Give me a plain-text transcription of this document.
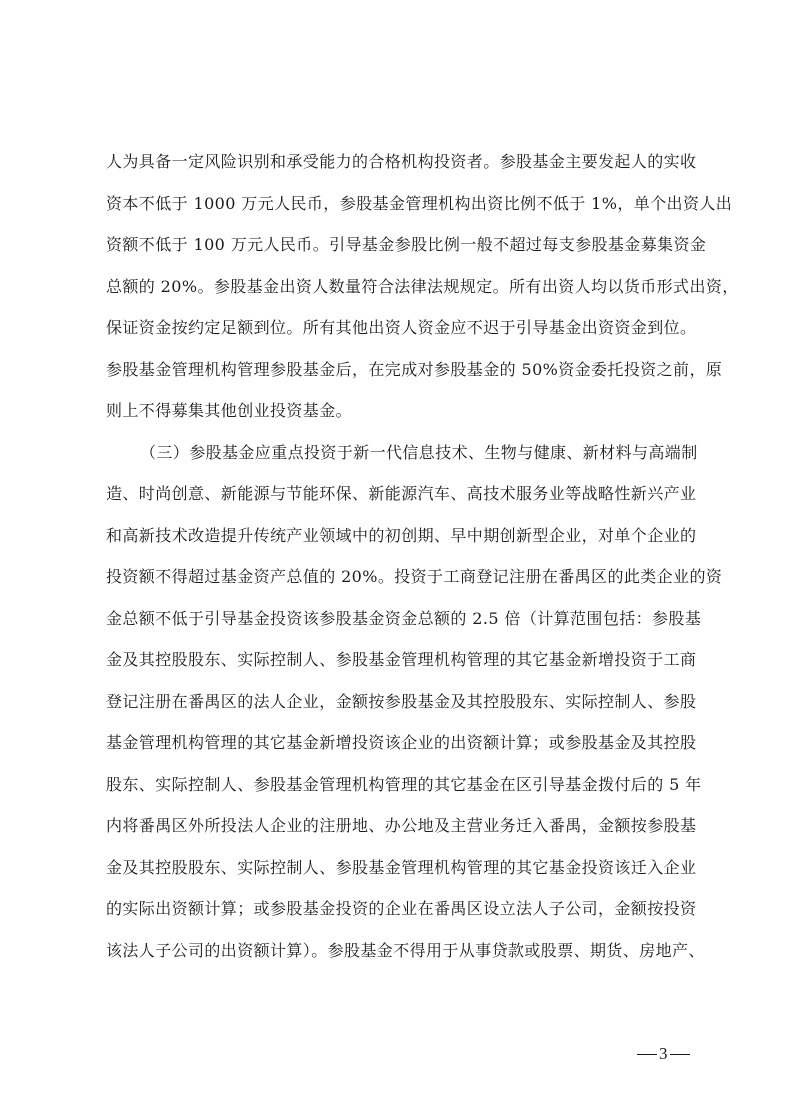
人为具备一定风险识别和承受能力的合格机构投资者。参股基金主要发起人的实收
资本不低于 1000 万元人民币，参股基金管理机构出资比例不低于 1%，单个出资人出
资额不低于 100 万元人民币。引导基金参股比例一般不超过每支参股基金募集资金
总额的 20%。参股基金出资人数量符合法律法规规定。所有出资人均以货币形式出资，
保证资金按约定足额到位。所有其他出资人资金应不迟于引导基金出资资金到位。
参股基金管理机构管理参股基金后，在完成对参股基金的 50%资金委托投资之前，原
则上不得募集其他创业投资基金。
（三）参股基金应重点投资于新一代信息技术、生物与健康、新材料与高端制
造、时尚创意、新能源与节能环保、新能源汽车、高技术服务业等战略性新兴产业
和高新技术改造提升传统产业领域中的初创期、早中期创新型企业，对单个企业的
投资额不得超过基金资产总值的 20%。投资于工商登记注册在番禺区的此类企业的资
金总额不低于引导基金投资该参股基金资金总额的 2.5 倍（计算范围包括：参股基
金及其控股股东、实际控制人、参股基金管理机构管理的其它基金新增投资于工商
登记注册在番禺区的法人企业，金额按参股基金及其控股股东、实际控制人、参股
基金管理机构管理的其它基金新增投资该企业的出资额计算；或参股基金及其控股
股东、实际控制人、参股基金管理机构管理的其它基金在区引导基金拨付后的 5 年
内将番禺区外所投法人企业的注册地、办公地及主营业务迁入番禺，金额按参股基
金及其控股股东、实际控制人、参股基金管理机构管理的其它基金投资该迁入企业
的实际出资额计算；或参股基金投资的企业在番禺区设立法人子公司，金额按投资
该法人子公司的出资额计算）。参股基金不得用于从事贷款或股票、期货、房地产、
3
